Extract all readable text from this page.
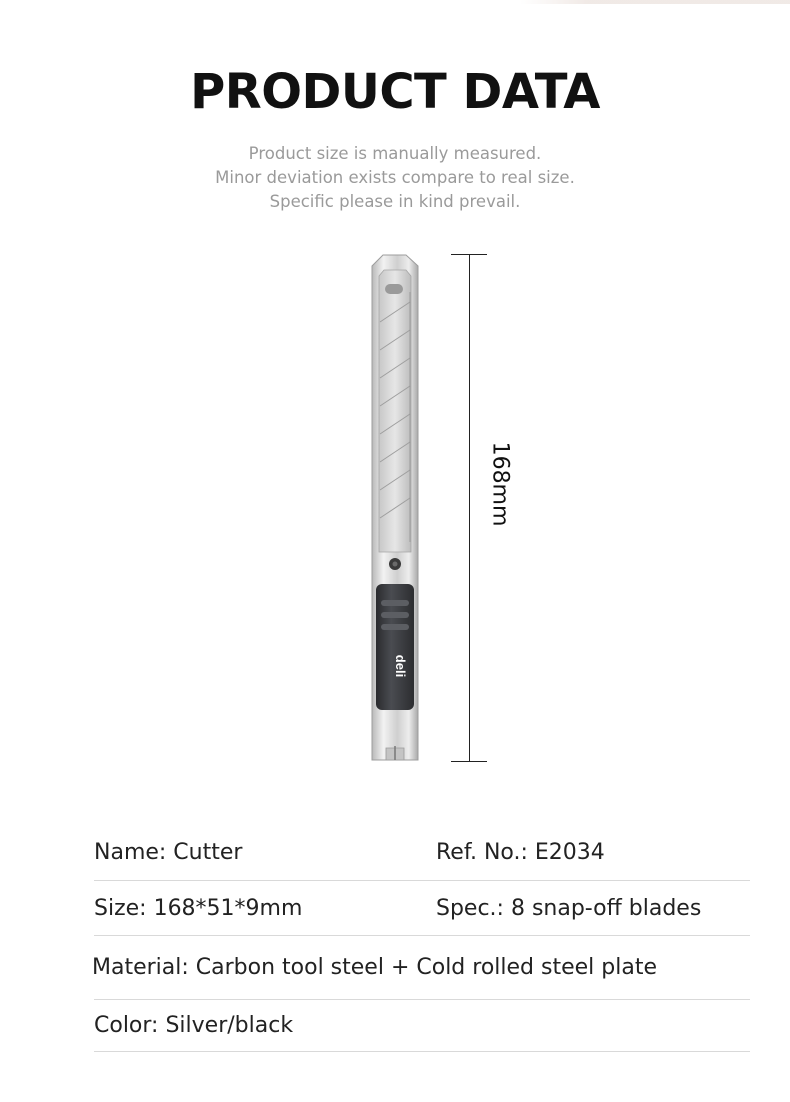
PRODUCT DATA
Product size is manually measured.
Minor deviation exists compare to real size.
Specific please in kind prevail.
deli
168mm
Name: Cutter	Ref. No.: E2034
Size: 168*51*9mm	Spec.: 8 snap-off blades
Material: Carbon tool steel + Cold rolled steel plate
Color: Silver/black
